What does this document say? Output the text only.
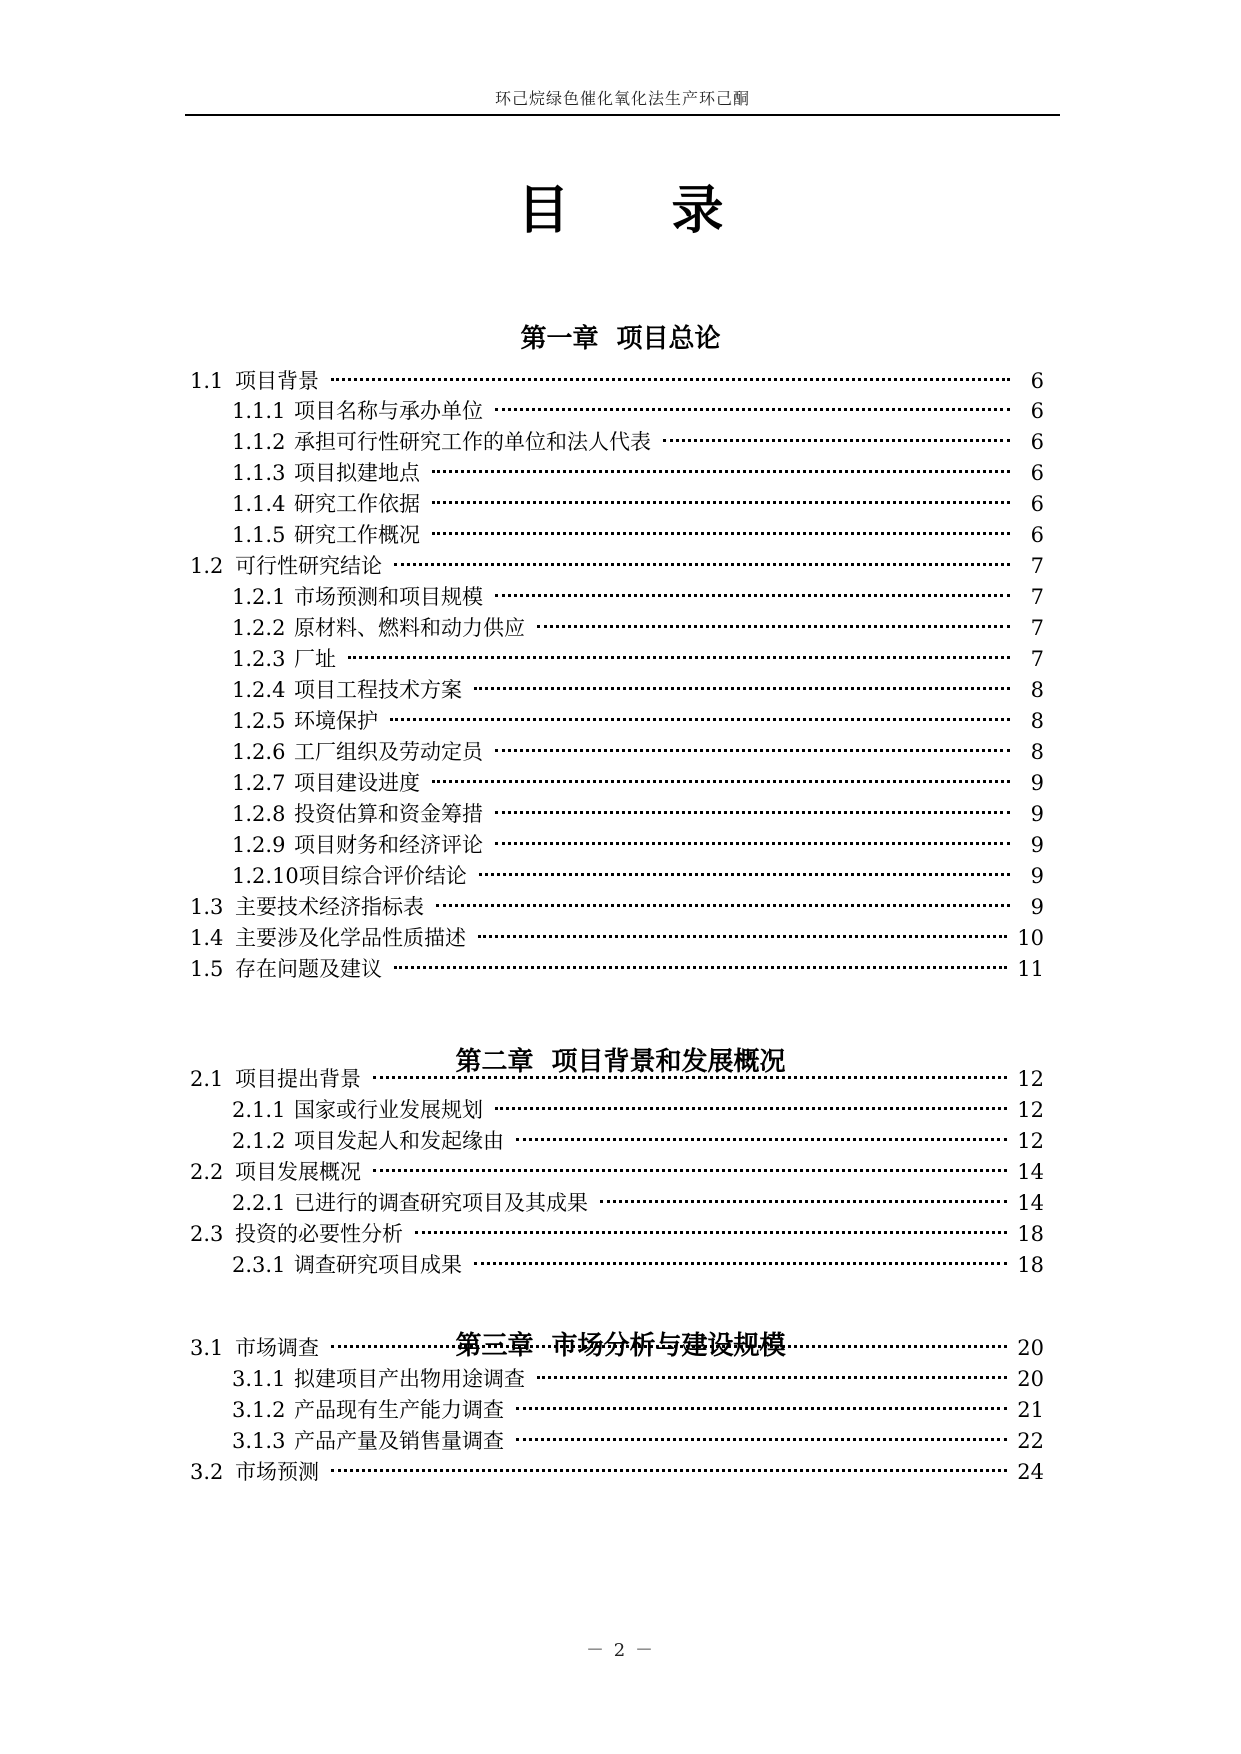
环己烷绿色催化氧化法生产环己酮
目 录
第一章  项目总论
1.1 项目背景	6
1.1.1 项目名称与承办单位	6
1.1.2 承担可行性研究工作的单位和法人代表	6
1.1.3 项目拟建地点	6
1.1.4 研究工作依据	6
1.1.5 研究工作概况	6
1.2 可行性研究结论	7
1.2.1 市场预测和项目规模	7
1.2.2 原材料、燃料和动力供应	7
1.2.3 厂址	7
1.2.4 项目工程技术方案	8
1.2.5 环境保护	8
1.2.6 工厂组织及劳动定员	8
1.2.7 项目建设进度	9
1.2.8 投资估算和资金筹措	9
1.2.9 项目财务和经济评论	9
1.2.10项目综合评价结论	9
1.3 主要技术经济指标表	9
1.4 主要涉及化学品性质描述	10
1.5 存在问题及建议	11
第二章  项目背景和发展概况
2.1 项目提出背景	12
2.1.1 国家或行业发展规划	12
2.1.2 项目发起人和发起缘由	12
2.2 项目发展概况	14
2.2.1 已进行的调查研究项目及其成果	14
2.3 投资的必要性分析	18
2.3.1 调查研究项目成果	18
第三章  市场分析与建设规模
3.1 市场调查	20
3.1.1 拟建项目产出物用途调查	20
3.1.2 产品现有生产能力调查	21
3.1.3 产品产量及销售量调查	22
3.2 市场预测	24
－ 2 －
